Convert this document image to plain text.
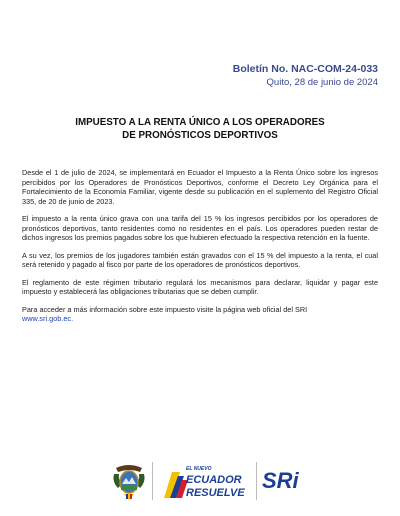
Boletín No. NAC-COM-24-033
Quito, 28 de junio de 2024
IMPUESTO A LA RENTA ÚNICO A LOS OPERADORES
DE PRONÓSTICOS DEPORTIVOS

Desde el 1 de julio de 2024, se implementará en Ecuador el Impuesto a la Renta Único sobre los ingresos percibidos por los Operadores de Pronósticos Deportivos, conforme el Decreto Ley Orgánica para el Fortalecimiento de la Economía Familiar, vigente desde su publicación en el suplemento del Registro Oficial 335, de 20 de junio de 2023.

El impuesto a la renta único grava con una tarifa del 15 % los ingresos percibidos por los operadores de pronósticos deportivos, tanto residentes como no residentes en el país. Los operadores pueden restar de dichos ingresos los premios pagados sobre los que hubieren efectuado la respectiva retención en la fuente.

A su vez, los premios de los jugadores también están gravados con el 15 % del impuesto a la renta, el cual será retenido y pagado al fisco por parte de los operadores de pronósticos deportivos.

El reglamento de este régimen tributario regulará los mecanismos para declarar, liquidar y pagar este impuesto y establecerá las obligaciones tributarias que se deben cumplir.

Para acceder a más información sobre este impuesto visite la página web oficial del SRI
www.sri.gob.ec.

EL NUEVO
ECUADOR
RESUELVE SRi
